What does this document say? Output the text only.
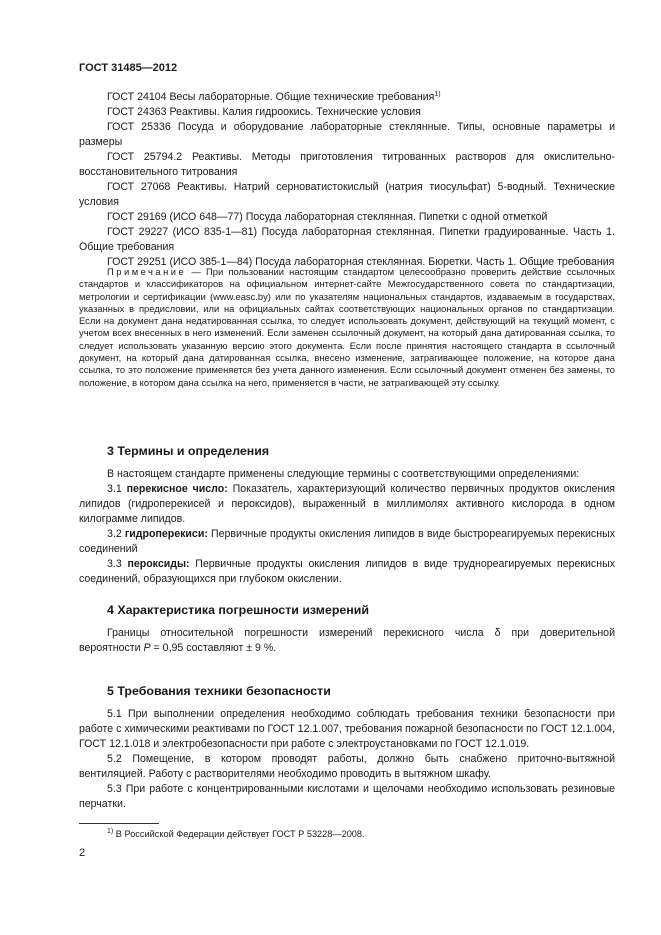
ГОСТ 31485—2012

ГОСТ 24104 Весы лабораторные. Общие технические требования$^{1)}$

ГОСТ 24363 Реактивы. Калия гидроокись. Технические условия

ГОСТ 25336 Посуда и оборудование лабораторные стеклянные. Типы, основные параметры и размеры

ГОСТ 25794.2 Реактивы. Методы приготовления титрованных растворов для окислительно-восстановительного титрования

ГОСТ 27068 Реактивы. Натрий серноватистокислый (натрия тиосульфат) 5-водный. Технические условия

ГОСТ 29169 (ИСО 648—77) Посуда лабораторная стеклянная. Пипетки с одной отметкой

ГОСТ 29227 (ИСО 835-1—81) Посуда лабораторная стеклянная. Пипетки градуированные. Часть 1. Общие требования

ГОСТ 29251 (ИСО 385-1—84) Посуда лабораторная стеклянная. Бюретки. Часть 1. Общие требования

Примечание — При пользовании настоящим стандартом целесообразно проверить действие ссылочных стандартов и классификаторов на официальном интернет-сайте Межгосударственного совета по стандартизации, метрологии и сертификации (www.easc.by) или по указателям национальных стандартов, издаваемым в государствах, указанных в предисловии, или на официальных сайтах соответствующих национальных органов по стандартизации. Если на документ дана недатированная ссылка, то следует использовать документ, действующий на текущий момент, с учетом всех внесенных в него изменений. Если заменен ссылочный документ, на который дана датированная ссылка, то следует использовать указанную версию этого документа. Если после принятия настоящего стандарта в ссылочный документ, на который дана датированная ссылка, внесено изменение, затрагивающее положение, на которое дана ссылка, то это положение применяется без учета данного изменения. Если ссылочный документ отменен без замены, то положение, в котором дана ссылка на него, применяется в части, не затрагивающей эту ссылку.

3 Термины и определения

В настоящем стандарте применены следующие термины с соответствующими определениями:

3.1 перекисное число: Показатель, характеризующий количество первичных продуктов окисления липидов (гидроперекисей и пероксидов), выраженный в миллимолях активного кислорода в одном килограмме липидов.

3.2 гидроперекиси: Первичные продукты окисления липидов в виде быстрореагируемых перекисных соединений

3.3 пероксиды: Первичные продукты окисления липидов в виде труднореагируемых перекисных соединений, образующихся при глубоком окислении.

4 Характеристика погрешности измерений

Границы относительной погрешности измерений перекисного числа δ при доверительной вероятности P = 0,95 составляют ± 9 %.

5 Требования техники безопасности

5.1 При выполнении определения необходимо соблюдать требования техники безопасности при работе с химическими реактивами по ГОСТ 12.1.007, требования пожарной безопасности по ГОСТ 12.1.004, ГОСТ 12.1.018 и электробезопасности при работе с электроустановками по ГОСТ 12.1.019.

5.2 Помещение, в котором проводят работы, должно быть снабжено приточно-вытяжной вентиляцией. Работу с растворителями необходимо проводить в вытяжном шкафу.

5.3 При работе с концентрированными кислотами и щелочами необходимо использовать резиновые перчатки.

$^{1)}$ В Российской Федерации действует ГОСТ Р 53228—2008.
2
